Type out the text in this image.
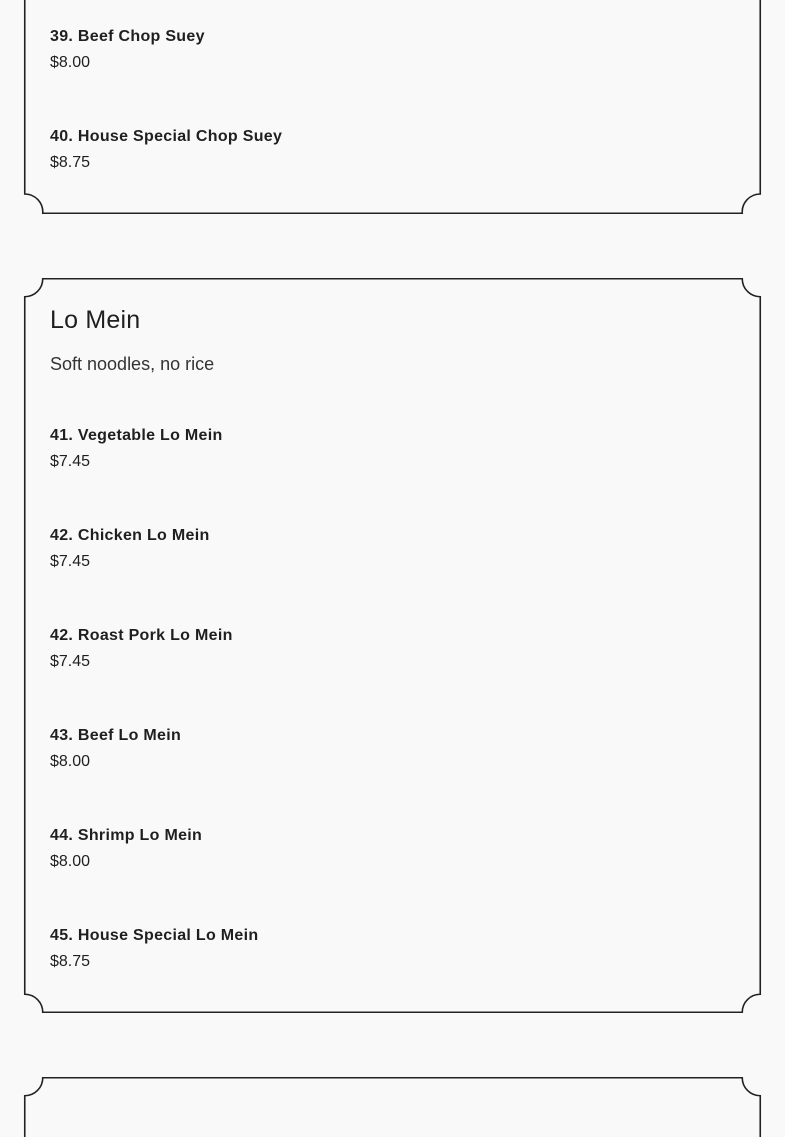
39. Beef Chop Suey
$8.00
40. House Special Chop Suey
$8.75
Lo Mein

Soft noodles, no rice

41. Vegetable Lo Mein
$7.45
42. Chicken Lo Mein
$7.45
42. Roast Pork Lo Mein
$7.45
43. Beef Lo Mein
$8.00
44. Shrimp Lo Mein
$8.00
45. House Special Lo Mein
$8.75
